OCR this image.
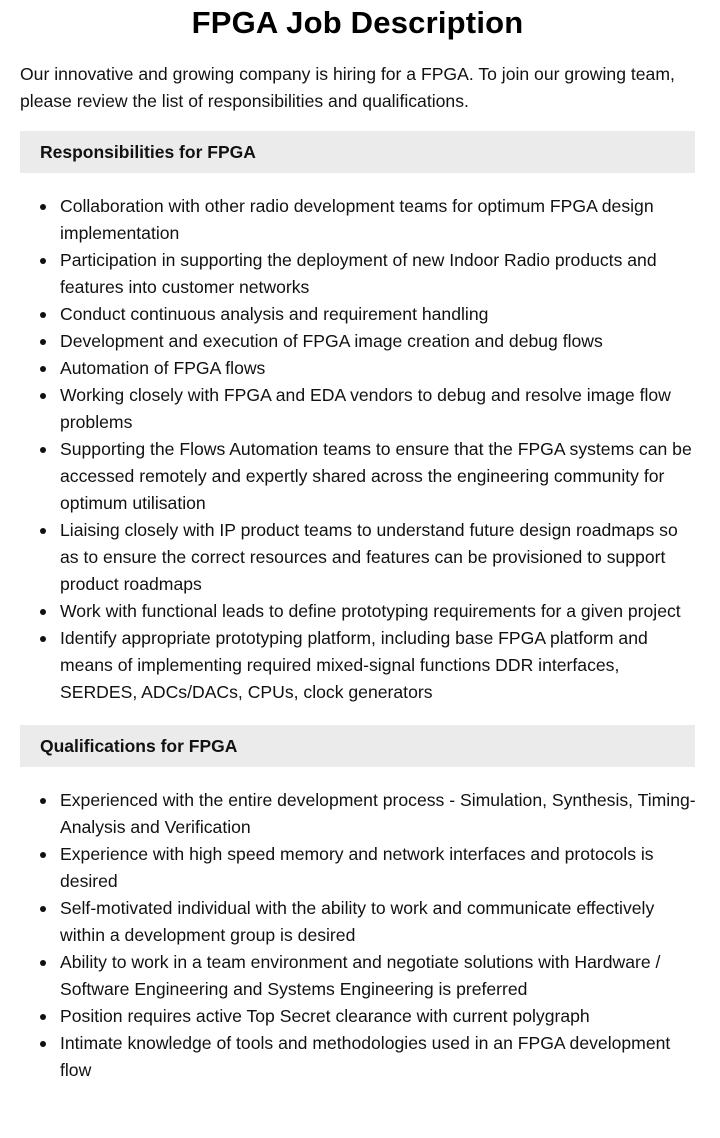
FPGA Job Description

Our innovative and growing company is hiring for a FPGA. To join our growing team, please review the list of responsibilities and qualifications.

Responsibilities for FPGA
Collaboration with other radio development teams for optimum FPGA design implementation
Participation in supporting the deployment of new Indoor Radio products and features into customer networks
Conduct continuous analysis and requirement handling
Development and execution of FPGA image creation and debug flows
Automation of FPGA flows
Working closely with FPGA and EDA vendors to debug and resolve image flow problems
Supporting the Flows Automation teams to ensure that the FPGA systems can be accessed remotely and expertly shared across the engineering community for optimum utilisation
Liaising closely with IP product teams to understand future design roadmaps so as to ensure the correct resources and features can be provisioned to support product roadmaps
Work with functional leads to define prototyping requirements for a given project
Identify appropriate prototyping platform, including base FPGA platform and means of implementing required mixed-signal functions DDR interfaces, SERDES, ADCs/DACs, CPUs, clock generators
Qualifications for FPGA
Experienced with the entire development process - Simulation, Synthesis, Timing-Analysis and Verification
Experience with high speed memory and network interfaces and protocols is desired
Self-motivated individual with the ability to work and communicate effectively within a development group is desired
Ability to work in a team environment and negotiate solutions with Hardware / Software Engineering and Systems Engineering is preferred
Position requires active Top Secret clearance with current polygraph
Intimate knowledge of tools and methodologies used in an FPGA development flow
